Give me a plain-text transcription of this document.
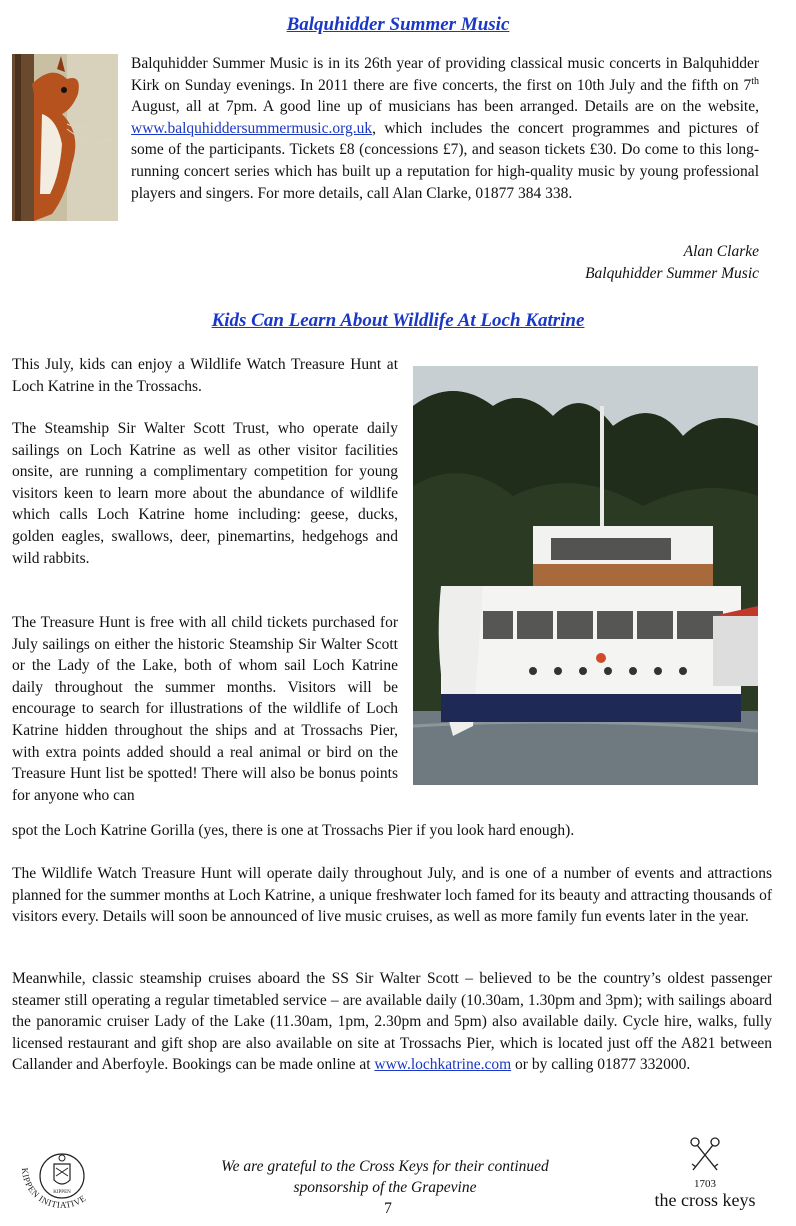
Balquhidder Summer Music

Balquhidder Summer Music is in its 26th year of providing classical music concerts in Balquhidder Kirk on Sunday evenings. In 2011 there are five concerts, the first on 10th July and the fifth on 7th August, all at 7pm. A good line up of musicians has been arranged. Details are on the website, www.balquhiddersummermusic.org.uk, which includes the concert programmes and pictures of some of the participants. Tickets £8 (concessions £7), and season tickets £30. Do come to this long-running concert series which has built up a reputation for high-quality music by young professional players and singers. For more details, call Alan Clarke, 01877 384 338.

Alan Clarke
Balquhidder Summer Music
Kids Can Learn About Wildlife At Loch Katrine

This July, kids can enjoy a Wildlife Watch Treasure Hunt at Loch Katrine in the Trossachs.

The Steamship Sir Walter Scott Trust, who operate daily sailings on Loch Katrine as well as other visitor facilities onsite, are running a complimentary competition for young visitors keen to learn more about the abundance of wildlife which calls Loch Katrine home including: geese, ducks, golden eagles, swallows, deer, pinemartins, hedgehogs and wild rabbits.

The Treasure Hunt is free with all child tickets purchased for July sailings on either the historic Steamship Sir Walter Scott or the Lady of the Lake, both of whom sail Loch Katrine daily throughout the summer months. Visitors will be encourage to search for illustrations of the wildlife of Loch Katrine hidden throughout the ships and at Trossachs Pier, with extra points added should a real animal or bird on the Treasure Hunt list be spotted! There will also be bonus points for anyone who can

spot the Loch Katrine Gorilla (yes, there is one at Trossachs Pier if you look hard enough).

The Wildlife Watch Treasure Hunt will operate daily throughout July, and is one of a number of events and attractions planned for the summer months at Loch Katrine, a unique freshwater loch famed for its beauty and attracting thousands of visitors every. Details will soon be announced of live music cruises, as well as more family fun events later in the year.

Meanwhile, classic steamship cruises aboard the SS Sir Walter Scott – believed to be the country’s oldest passenger steamer still operating a regular timetabled service – are available daily (10.30am, 1.30pm and 3pm); with sailings aboard the panoramic cruiser Lady of the Lake (11.30am, 1pm, 2.30pm and 5pm) also available daily. Cycle hire, walks, fully licensed restaurant and gift shop are also available on site at Trossachs Pier, which is located just off the A821 between Callander and Aberfoyle. Bookings can be made online at www.lochkatrine.com or by calling 01877 332000.

KIPPEN
KIPPEN INITIATIVE

We are grateful to the Cross Keys for their continued

sponsorship of the Grapevine

7
1703
the cross keys
